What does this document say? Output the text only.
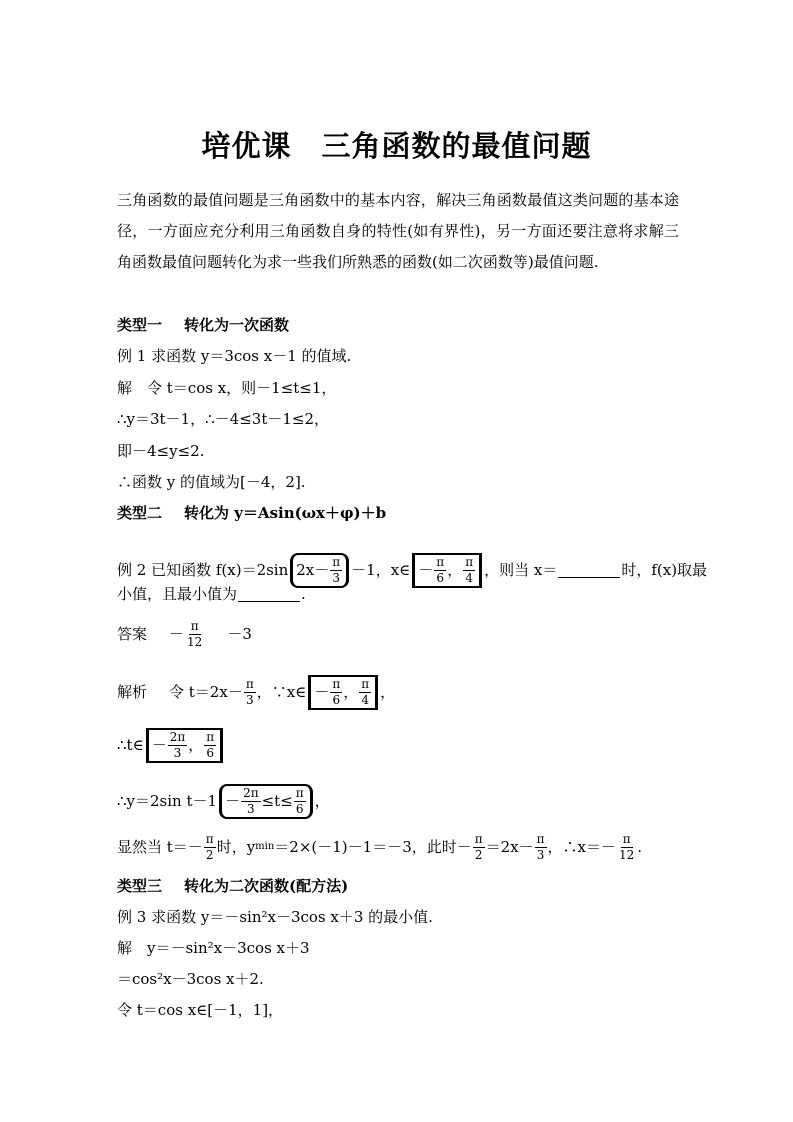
培优课　三角函数的最值问题
三角函数的最值问题是三角函数中的基本内容，解决三角函数最值这类问题的基本途径，一方面应充分利用三角函数自身的特性(如有界性)，另一方面还要注意将求解三角函数最值问题转化为求一些我们所熟悉的函数(如二次函数等)最值问题.
类型一 转化为一次函数
例 1 求函数 y＝3cos x－1 的值域.
解　令 t＝cos x，则－1≤t≤1，
∴y＝3t－1，∴－4≤3t－1≤2，
即－4≤y≤2.
∴函数 y 的值域为[－4，2].
类型二 转化为 y＝Asin(ωx＋φ)＋b
例 2 已知函数 f(x)＝2sin $2x- \frac{\pi}{3} -1$，x∈ － $\frac{\pi}{6}$ ， $\frac{\pi}{4}$ ，则当 x＝	时，f(x)取最
小值，且最小值为	.
答案 － $\frac{\pi}{12} -3$
解析 令 $t=2x- \frac{\pi}{3}$ ，∵x∈ － $\frac{\pi}{6}$ ， $\frac{\pi}{4}$ ，
∴t∈ － $\frac{2\pi}{3}$ ， $\frac{\pi}{6}$
∴y＝2sin $t-1 - \frac{2\pi}{3} \le t\le \frac{\pi}{6}$ ，
显然当 $t=- \frac{\pi}{2}$ 时，y min ＝2×(－1)－1＝－3，此时－ $\frac{\pi}{2} =2x- \frac{\pi}{3}$ ，∴x＝－ $\frac{\pi}{12}$ .
类型三 转化为二次函数(配方法)
例 3 求函数 y＝－sin²x－3cos x＋3 的最小值.
解　y＝－sin²x－3cos x＋3
＝cos²x－3cos x＋2.
令 t＝cos x∈[－1，1]，
